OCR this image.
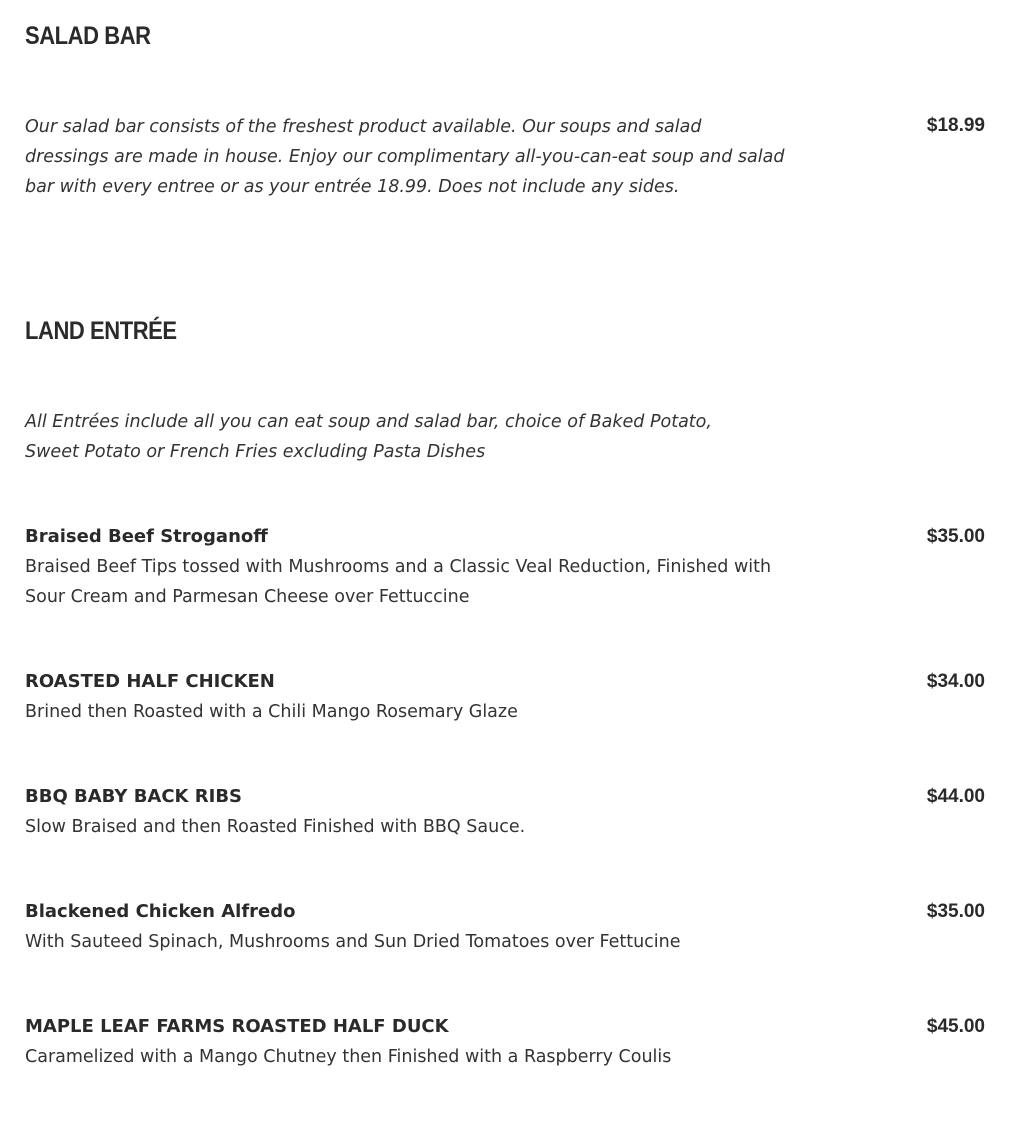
SALAD BAR

Our salad bar consists of the freshest product available. Our soups and salad dressings are made in house. Enjoy our complimentary all-you-can-eat soup and salad bar with every entree or as your entrée 18.99. Does not include any sides.

$18.99
LAND ENTRÉE

All Entrées include all you can eat soup and salad bar, choice of Baked Potato, Sweet Potato or French Fries excluding Pasta Dishes

Braised Beef Stroganoff
Braised Beef Tips tossed with Mushrooms and a Classic Veal Reduction, Finished with Sour Cream and Parmesan Cheese over Fettuccine
$35.00
ROASTED HALF CHICKEN
Brined then Roasted with a Chili Mango Rosemary Glaze
$34.00
BBQ BABY BACK RIBS
Slow Braised and then Roasted Finished with BBQ Sauce.
$44.00
Blackened Chicken Alfredo
With Sauteed Spinach, Mushrooms and Sun Dried Tomatoes over Fettucine
$35.00
MAPLE LEAF FARMS ROASTED HALF DUCK
Caramelized with a Mango Chutney then Finished with a Raspberry Coulis
$45.00
